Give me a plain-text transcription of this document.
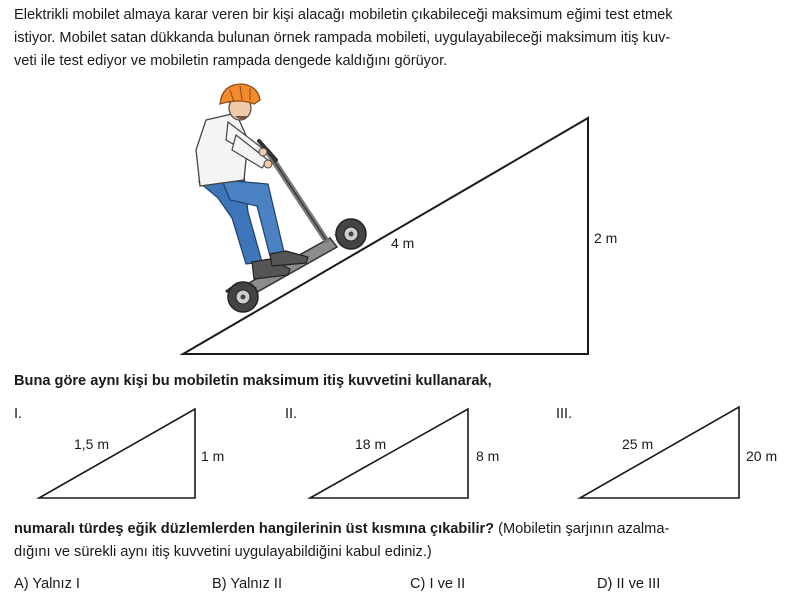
Elektrikli mobilet almaya karar veren bir kişi alacağı mobiletin çıkabileceği maksimum eğimi test etmek
istiyor. Mobilet satan dükkanda bulunan örnek rampada mobileti, uygulayabileceği maksimum itiş kuv-
veti ile test ediyor ve mobiletin rampada dengede kaldığını görüyor.
4 m	2 m
Buna göre aynı kişi bu mobiletin maksimum itiş kuvvetini kullanarak,
I.
1,5 m
1 m
II.
18 m
8 m
III.
25 m
20 m
numaralı türdeş eğik düzlemlerden hangilerinin üst kısmına çıkabilir? (Mobiletin şarjının azalma-
dığını ve sürekli aynı itiş kuvvetini uygulayabildiğini kabul ediniz.)
A) Yalnız I	B) Yalnız II	C) I ve II	D) II ve III
